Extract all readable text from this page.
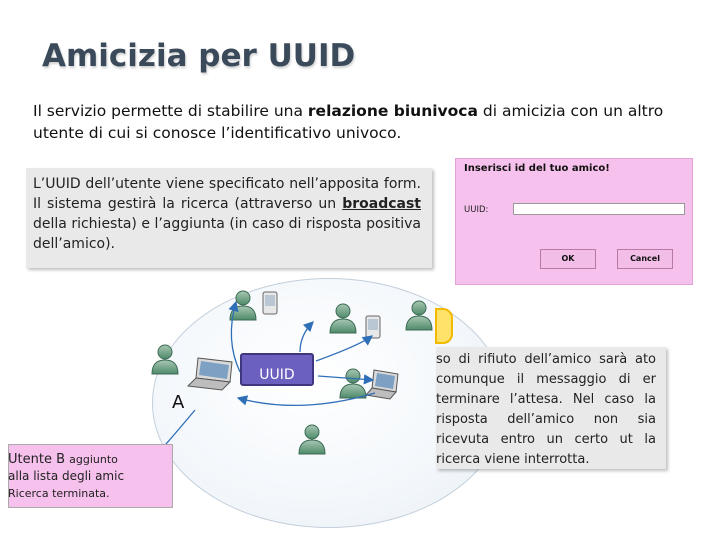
Amicizia per UUID
Il servizio permette di stabilire una relazione biunivoca di amicizia con un altro utente di cui si conosce l’identificativo univoco.
L’UUID dell’utente viene specificato nell’apposita form. Il sistema gestirà la ricerca (attraverso un broadcast della richiesta) e l’aggiunta (in caso di risposta positiva dell’amico).
Inserisci id del tuo amico!
UUID:
OK	Cancel
UUID
A
so di rifiuto dell’amico sarà ato comunque il messaggio di er terminare l’attesa. Nel caso la risposta dell’amico non sia ricevuta entro un certo ut la ricerca viene interrotta.
Utente B aggiunto
alla lista degli amic
Ricerca terminata.
